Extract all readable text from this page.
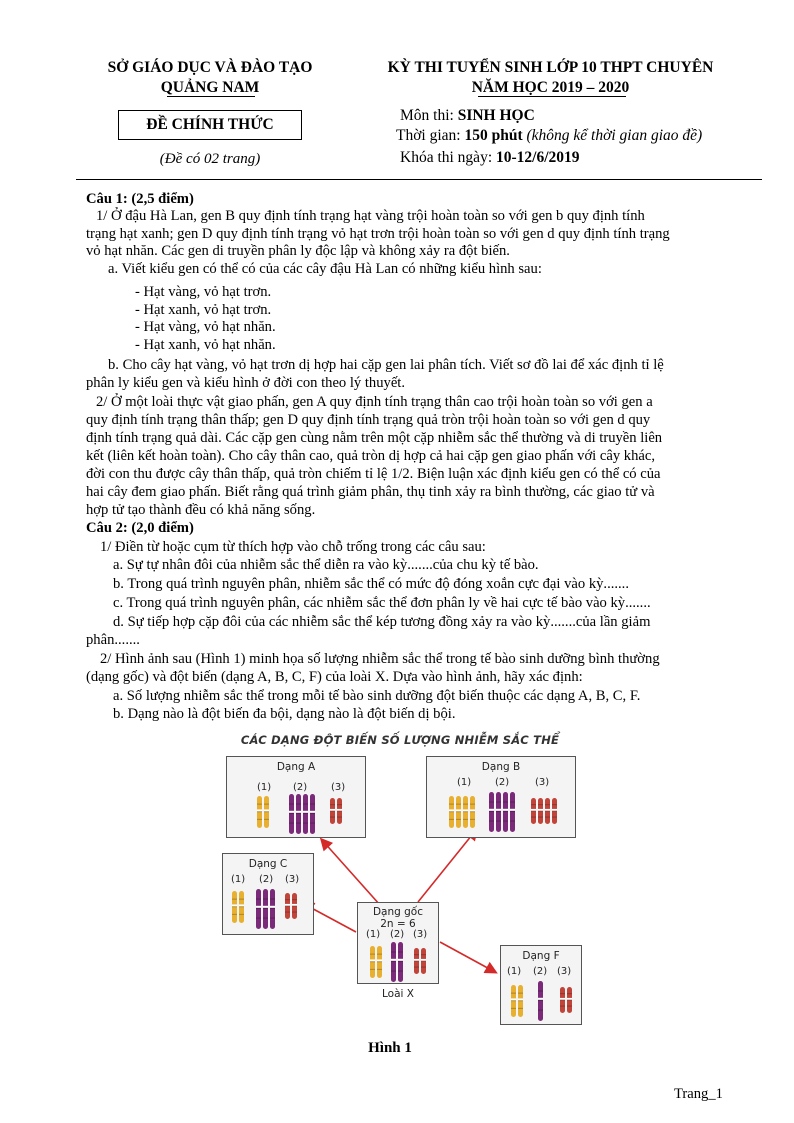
SỞ GIÁO DỤC VÀ ĐÀO TẠO
QUẢNG NAM
ĐỀ CHÍNH THỨC
(Đề có 02 trang)
KỲ THI TUYỂN SINH LỚP 10 THPT CHUYÊN
NĂM HỌC 2019 – 2020
Môn thi: SINH HỌC
Thời gian: 150 phút (không kể thời gian giao đề)
Khóa thi ngày: 10-12/6/2019
Câu 1: (2,5 điểm)
1/ Ở đậu Hà Lan, gen B quy định tính trạng hạt vàng trội hoàn toàn so với gen b quy định tính
trạng hạt xanh; gen D quy định tính trạng vỏ hạt trơn trội hoàn toàn so với gen d quy định tính trạng
vỏ hạt nhăn. Các gen di truyền phân ly độc lập và không xảy ra đột biến.
a. Viết kiểu gen có thể có của các cây đậu Hà Lan có những kiểu hình sau:
- Hạt vàng, vỏ hạt trơn.
- Hạt xanh, vỏ hạt trơn.
- Hạt vàng, vỏ hạt nhăn.
- Hạt xanh, vỏ hạt nhăn.
b. Cho cây hạt vàng, vỏ hạt trơn dị hợp hai cặp gen lai phân tích. Viết sơ đồ lai để xác định tỉ lệ
phân ly kiểu gen và kiểu hình ở đời con theo lý thuyết.
2/ Ở một loài thực vật giao phấn, gen A quy định tính trạng thân cao trội hoàn toàn so với gen a
quy định tính trạng thân thấp; gen D quy định tính trạng quả tròn trội hoàn toàn so với gen d quy
định tính trạng quả dài. Các cặp gen cùng nằm trên một cặp nhiễm sắc thể thường và di truyền liên
kết (liên kết hoàn toàn). Cho cây thân cao, quả tròn dị hợp cả hai cặp gen giao phấn với cây khác,
đời con thu được cây thân thấp, quả tròn chiếm tỉ lệ 1/2. Biện luận xác định kiểu gen có thể có của
hai cây đem giao phấn. Biết rằng quá trình giảm phân, thụ tinh xảy ra bình thường, các giao tử và
hợp tử tạo thành đều có khả năng sống.
Câu 2: (2,0 điểm)
1/ Điền từ hoặc cụm từ thích hợp vào chỗ trống trong các câu sau:
a. Sự tự nhân đôi của nhiễm sắc thể diễn ra vào kỳ.......của chu kỳ tế bào.
b. Trong quá trình nguyên phân, nhiễm sắc thể có mức độ đóng xoắn cực đại vào kỳ.......
c. Trong quá trình nguyên phân, các nhiễm sắc thể đơn phân ly về hai cực tế bào vào kỳ.......
d. Sự tiếp hợp cặp đôi của các nhiễm sắc thể kép tương đồng xảy ra vào kỳ.......của lần giảm
phân.......
2/ Hình ảnh sau (Hình 1) minh họa số lượng nhiễm sắc thể trong tế bào sinh dưỡng bình thường
(dạng gốc) và đột biến (dạng A, B, C, F) của loài X. Dựa vào hình ảnh, hãy xác định:
a. Số lượng nhiễm sắc thể trong mỗi tế bào sinh dưỡng đột biến thuộc các dạng A, B, C, F.
b. Dạng nào là đột biến đa bội, dạng nào là đột biến dị bội.
CÁC DẠNG ĐỘT BIẾN SỐ LƯỢNG NHIỄM SẮC THỂ
Dạng A
(1) (2) (3)
Dạng B
(1) (2)	(3)
Dạng C
(1) (2) (3)
Dạng gốc
2n = 6
(1) (2) (3)
Loài X
Dạng F
(1) (2) (3)
Hình 1
Trang_1
